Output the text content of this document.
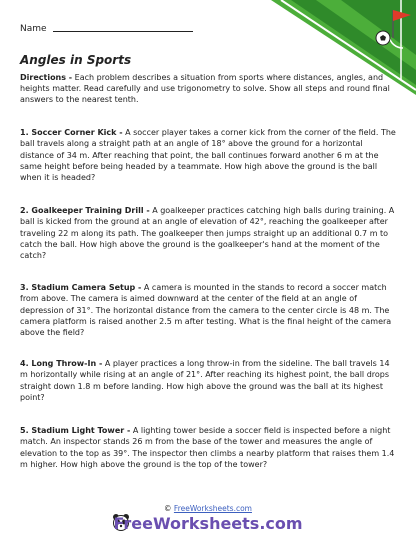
Name
Angles in Sports
Directions - Each problem describes a situation from sports where distances, angles, and heights matter. Read carefully and use trigonometry to solve. Show all steps and round final answers to the nearest tenth.
1. Soccer Corner Kick - A soccer player takes a corner kick from the corner of the field. The ball travels along a straight path at an angle of 18° above the ground for a horizontal distance of 34 m. After reaching that point, the ball continues forward another 6 m at the same height before being headed by a teammate. How high above the ground is the ball when it is headed?
2. Goalkeeper Training Drill - A goalkeeper practices catching high balls during training. A ball is kicked from the ground at an angle of elevation of 42°, reaching the goalkeeper after traveling 22 m along its path. The goalkeeper then jumps straight up an additional 0.7 m to catch the ball. How high above the ground is the goalkeeper's hand at the moment of the catch?
3. Stadium Camera Setup - A camera is mounted in the stands to record a soccer match from above. The camera is aimed downward at the center of the field at an angle of depression of 31°. The horizontal distance from the camera to the center circle is 48 m. The camera platform is raised another 2.5 m after testing. What is the final height of the camera above the field?
4. Long Throw-In - A player practices a long throw-in from the sideline. The ball travels 14 m horizontally while rising at an angle of 21°. After reaching its highest point, the ball drops straight down 1.8 m before landing. How high above the ground was the ball at its highest point?
5. Stadium Light Tower - A lighting tower beside a soccer field is inspected before a night match. An inspector stands 26 m from the base of the tower and measures the angle of elevation to the top as 39°. The inspector then climbs a nearby platform that raises them 1.4 m higher. How high above the ground is the top of the tower?
© FreeWorksheets.com
FreeWorksheets.com
